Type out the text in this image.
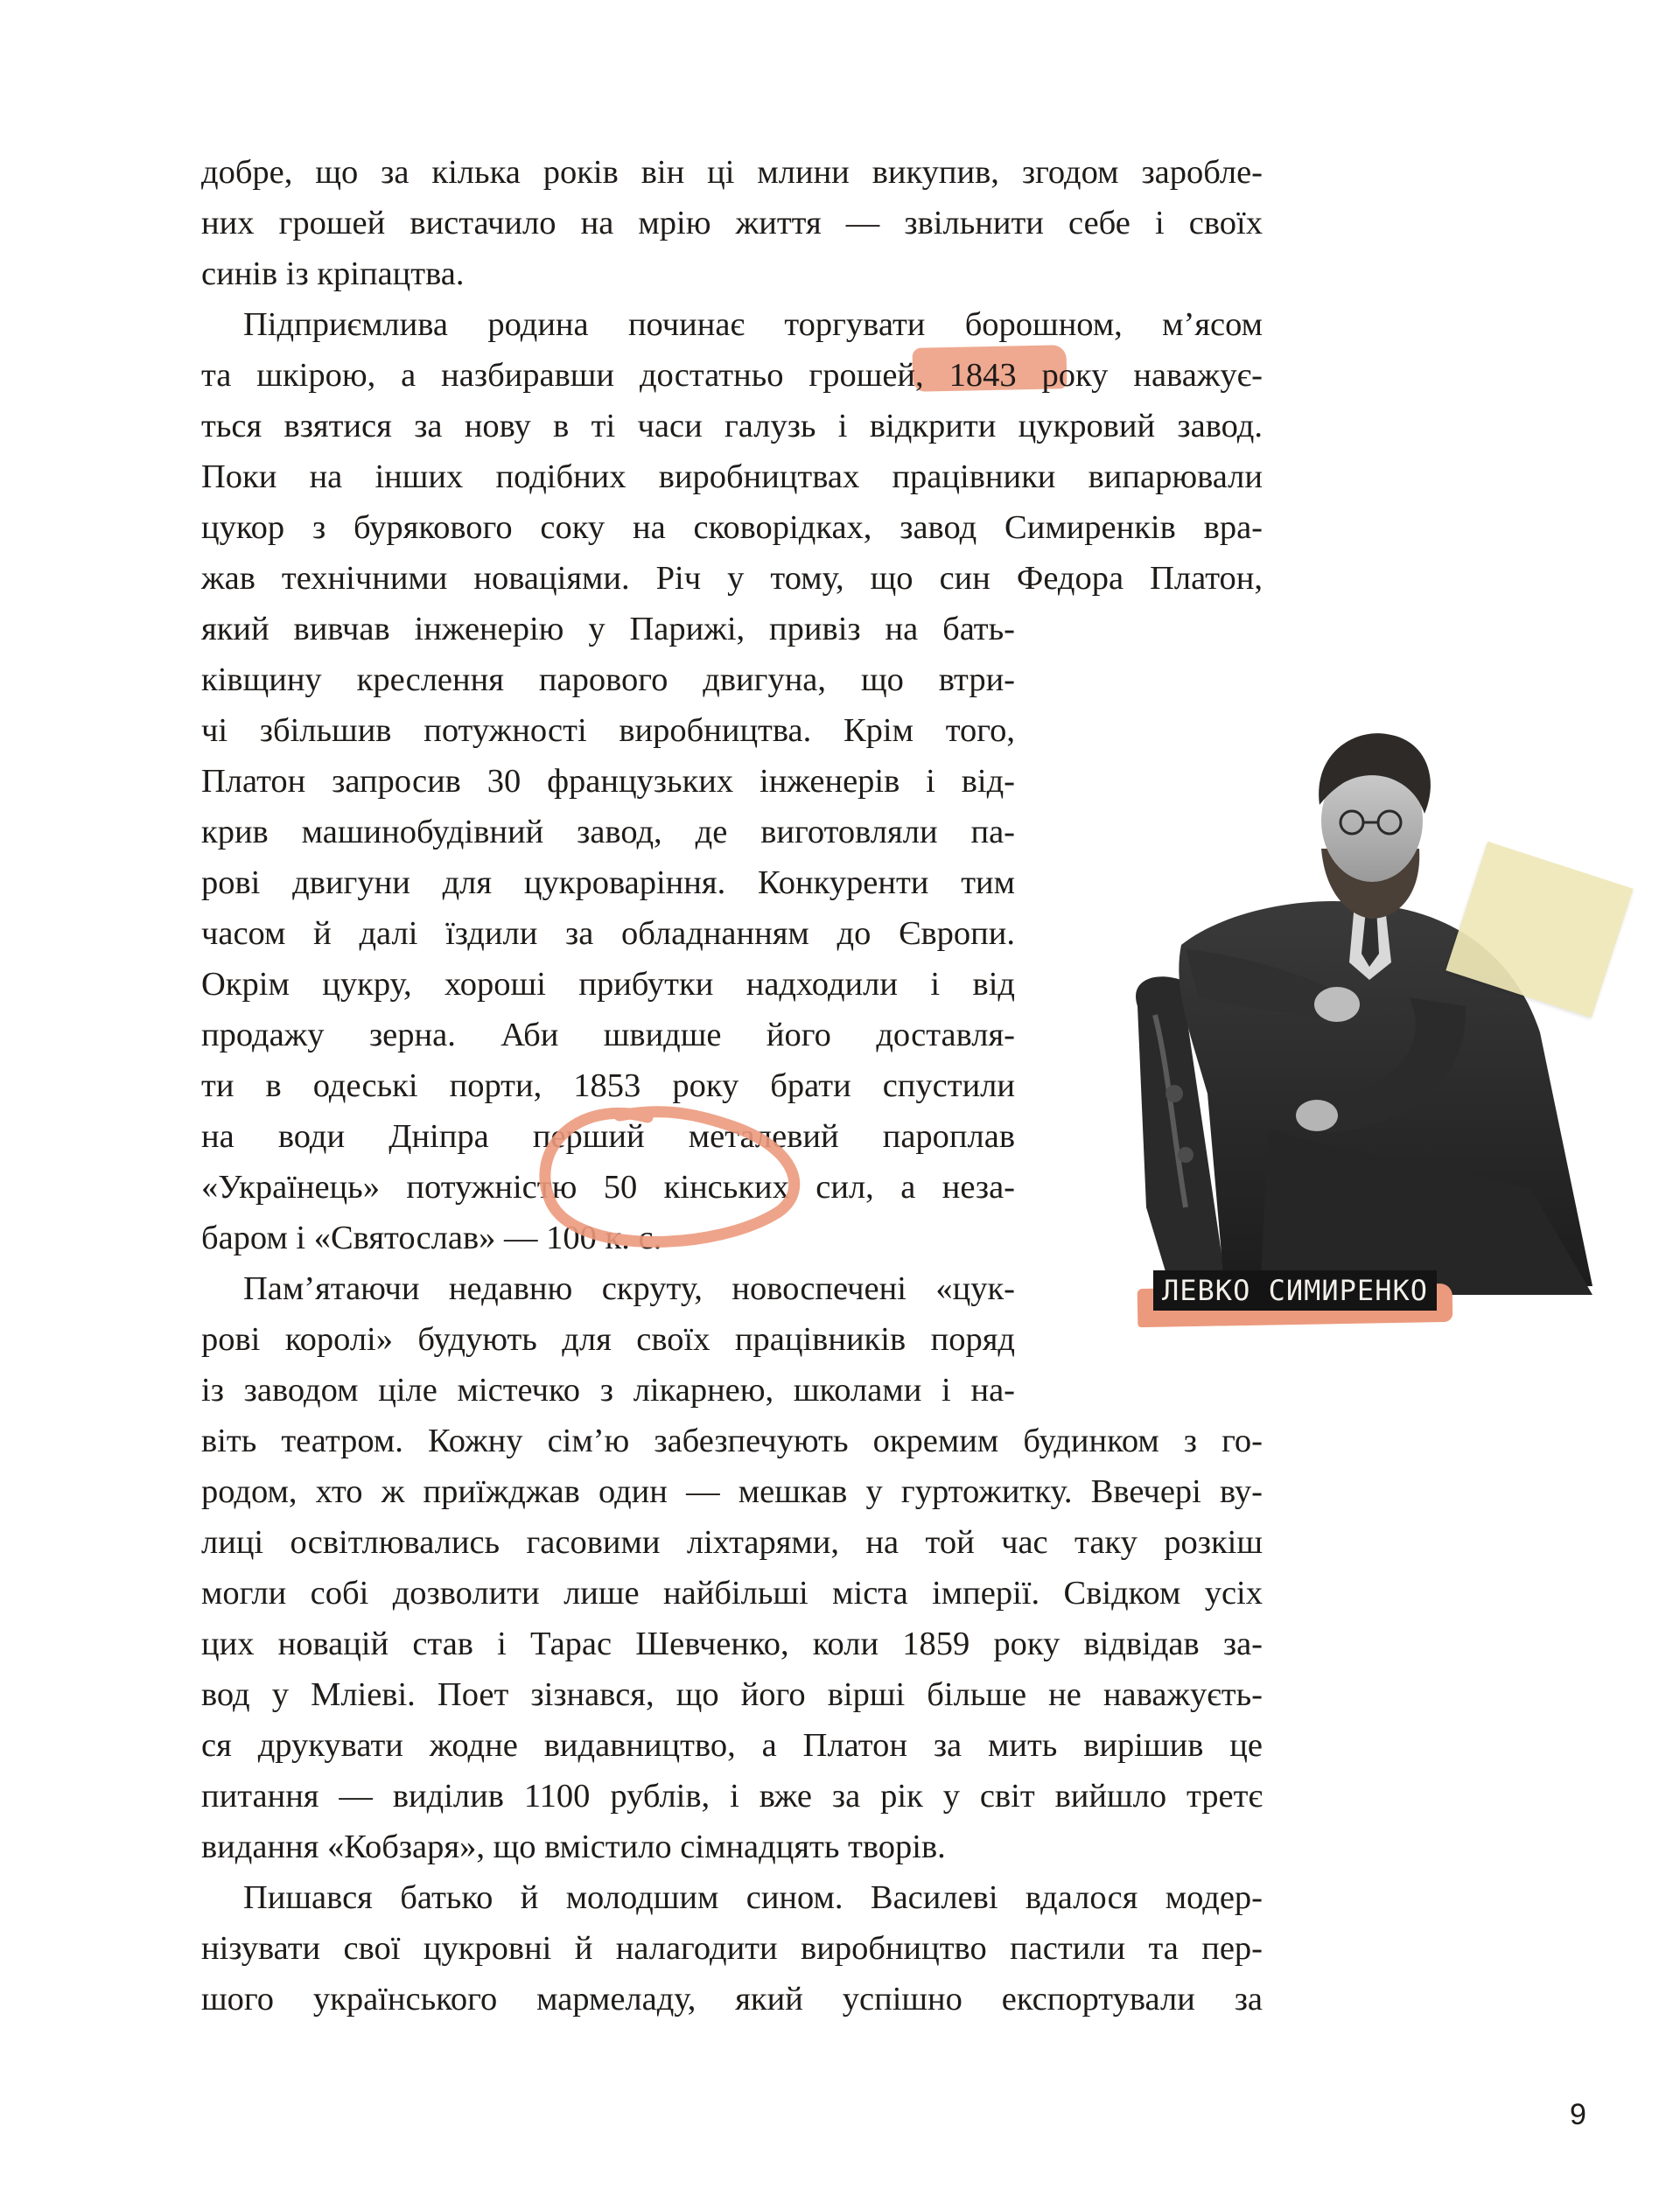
добре, що за кілька років він ці млини викупив, згодом зароблe-
них грошей вистачило на мрію життя — звільнити себе і своїх
синів із кріпацтва.
Підприємлива родина починає торгувати борошном, м’ясом
та шкірою, а назбиравши достатньо грошей, 1843 року наважує-
ться взятися за нову в ті часи галузь і відкрити цукровий завод.
Поки на інших подібних виробництвах працівники випарювали
цукор з бурякового соку на сковорідках, завод Симиренків вра-
жав технічними новаціями. Річ у тому, що син Федора Платон,
який вивчав інженерію у Парижі, привіз на бать-
ківщину креслення парового двигуна, що втри-
чі збільшив потужності виробництва. Крім того,
Платон запросив 30 французьких інженерів і від-
крив машинобудівний завод, де виготовляли па-
рові двигуни для цукроваріння. Конкуренти тим
часом й далі їздили за обладнанням до Європи.
Окрім цукру, хороші прибутки надходили і від
продажу зерна. Аби швидше його доставля-
ти в одеські порти, 1853 року брати спустили
на води Дніпра перший металевий пароплав
«Українець» потужністю 50 кінських сил, а неза-
баром і «Святослав» — 100 к. с.
Пам’ятаючи недавню скруту, новоспечені «цук-
рові королі» будують для своїх працівників поряд
із заводом ціле містечко з лікарнею, школами і на-
віть театром. Кожну сім’ю забезпечують окремим будинком з го-
родом, хто ж приїжджав один — мешкав у гуртожитку. Ввечері ву-
лиці освітлювались гасовими ліхтарями, на той час таку розкіш
могли собі дозволити лише найбільші міста імперії. Свідком усіх
цих новацій став і Тарас Шевченко, коли 1859 року відвідав за-
вод у Мліеві. Поет зізнався, що його вірші більше не наважуєть-
ся друкувати жодне видавництво, а Платон за мить вирішив це
питання — виділив 1100 рублів, і вже за рік у світ вийшло третє
видання «Кобзаря», що вмістило сімнадцять творів.
Пишався батько й молодшим сином. Василеві вдалося модер-
нізувати свої цукровні й налагодити виробництво пастили та пер-
шого українського мармеладу, який успішно експортували за
ЛЕВКО СИМИРЕНКО
9
